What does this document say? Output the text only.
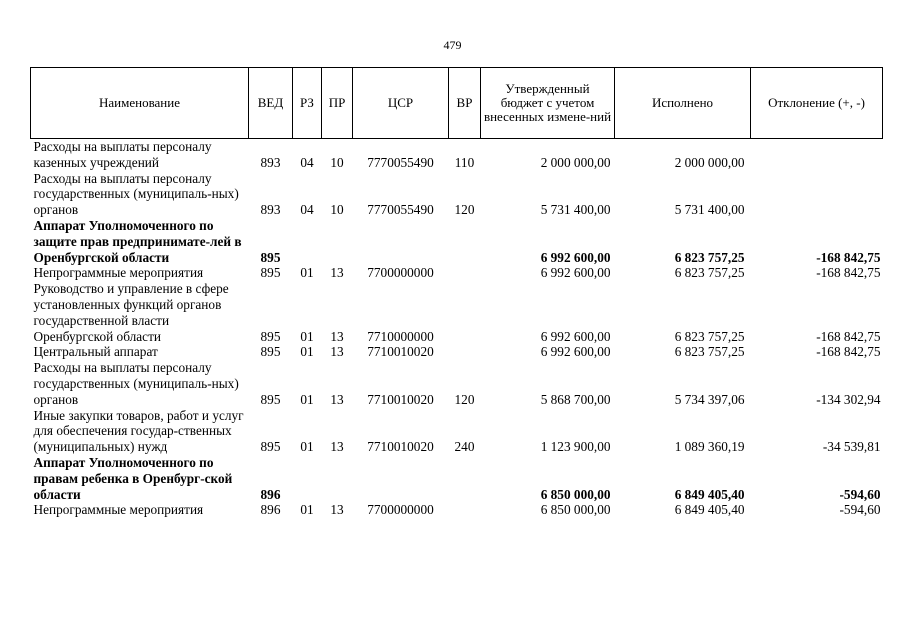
479
Наименование	ВЕД	РЗ	ПР	ЦСР	ВР	Утвержденный бюджет с учетом внесенных измене-ний	Исполнено	Отклонение (+, -)
Расходы на выплаты персоналу казенных учреждений	893	04	10	7770055490	110	2 000 000,00	2 000 000,00	
Расходы на выплаты персоналу государственных (муниципаль-ных) органов	893	04	10	7770055490	120	5 731 400,00	5 731 400,00	
Аппарат Уполномоченного по защите прав предпринимате-лей в Оренбургской области	895					6 992 600,00	6 823 757,25	-168 842,75
Непрограммные мероприятия	895	01	13	7700000000		6 992 600,00	6 823 757,25	-168 842,75
Руководство и управление в сфере установленных функций органов государственной власти Оренбургской области	895	01	13	7710000000		6 992 600,00	6 823 757,25	-168 842,75
Центральный аппарат	895	01	13	7710010020		6 992 600,00	6 823 757,25	-168 842,75
Расходы на выплаты персоналу государственных (муниципаль-ных) органов	895	01	13	7710010020	120	5 868 700,00	5 734 397,06	-134 302,94
Иные закупки товаров, работ и услуг для обеспечения государ-ственных (муниципальных) нужд	895	01	13	7710010020	240	1 123 900,00	1 089 360,19	-34 539,81
Аппарат Уполномоченного по правам ребенка в Оренбург-ской области	896					6 850 000,00	6 849 405,40	-594,60
Непрограммные мероприятия	896	01	13	7700000000		6 850 000,00	6 849 405,40	-594,60
